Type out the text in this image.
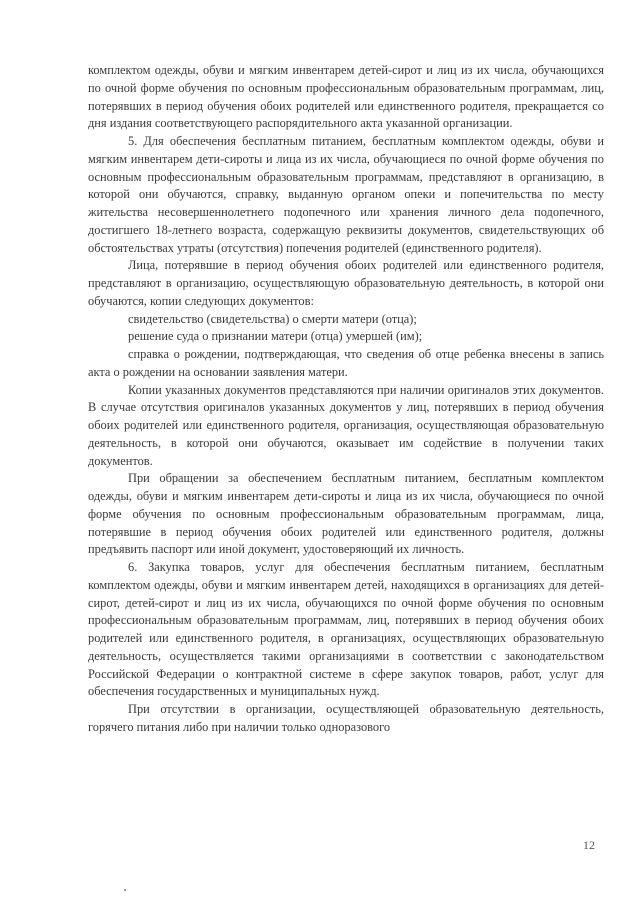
комплектом одежды, обуви и мягким инвентарем детей-сирот и лиц из их числа, обучающихся по очной форме обучения по основным профессиональным образовательным программам, лиц, потерявших в период обучения обоих родителей или единственного родителя, прекращается со дня издания соответствующего распорядительного акта указанной организации.

5. Для обеспечения бесплатным питанием, бесплатным комплектом одежды, обуви и мягким инвентарем дети-сироты и лица из их числа, обучающиеся по очной форме обучения по основным профессиональным образовательным программам, представляют в организацию, в которой они обучаются, справку, выданную органом опеки и попечительства по месту жительства несовершеннолетнего подопечного или хранения личного дела подопечного, достигшего 18-летнего возраста, содержащую реквизиты документов, свидетельствующих об обстоятельствах утраты (отсутствия) попечения родителей (единственного родителя).

Лица, потерявшие в период обучения обоих родителей или единственного родителя, представляют в организацию, осуществляющую образовательную деятельность, в которой они обучаются, копии следующих документов:

свидетельство (свидетельства) о смерти матери (отца);

решение суда о признании матери (отца) умершей (им);

справка о рождении, подтверждающая, что сведения об отце ребенка внесены в запись акта о рождении на основании заявления матери.

Копии указанных документов представляются при наличии оригиналов этих документов. В случае отсутствия оригиналов указанных документов у лиц, потерявших в период обучения обоих родителей или единственного родителя, организация, осуществляющая образовательную деятельность, в которой они обучаются, оказывает им содействие в получении таких документов.

При обращении за обеспечением бесплатным питанием, бесплатным комплектом одежды, обуви и мягким инвентарем дети-сироты и лица из их числа, обучающиеся по очной форме обучения по основным профессиональным образовательным программам, лица, потерявшие в период обучения обоих родителей или единственного родителя, должны предъявить паспорт или иной документ, удостоверяющий их личность.

6. Закупка товаров, услуг для обеспечения бесплатным питанием, бесплатным комплектом одежды, обуви и мягким инвентарем детей, находящихся в организациях для детей-сирот, детей-сирот и лиц из их числа, обучающихся по очной форме обучения по основным профессиональным образовательным программам, лиц, потерявших в период обучения обоих родителей или единственного родителя, в организациях, осуществляющих образовательную деятельность, осуществляется такими организациями в соответствии с законодательством Российской Федерации о контрактной системе в сфере закупок товаров, работ, услуг для обеспечения государственных и муниципальных нужд.

При отсутствии в организации, осуществляющей образовательную деятельность, горячего питания либо при наличии только одноразового

12
